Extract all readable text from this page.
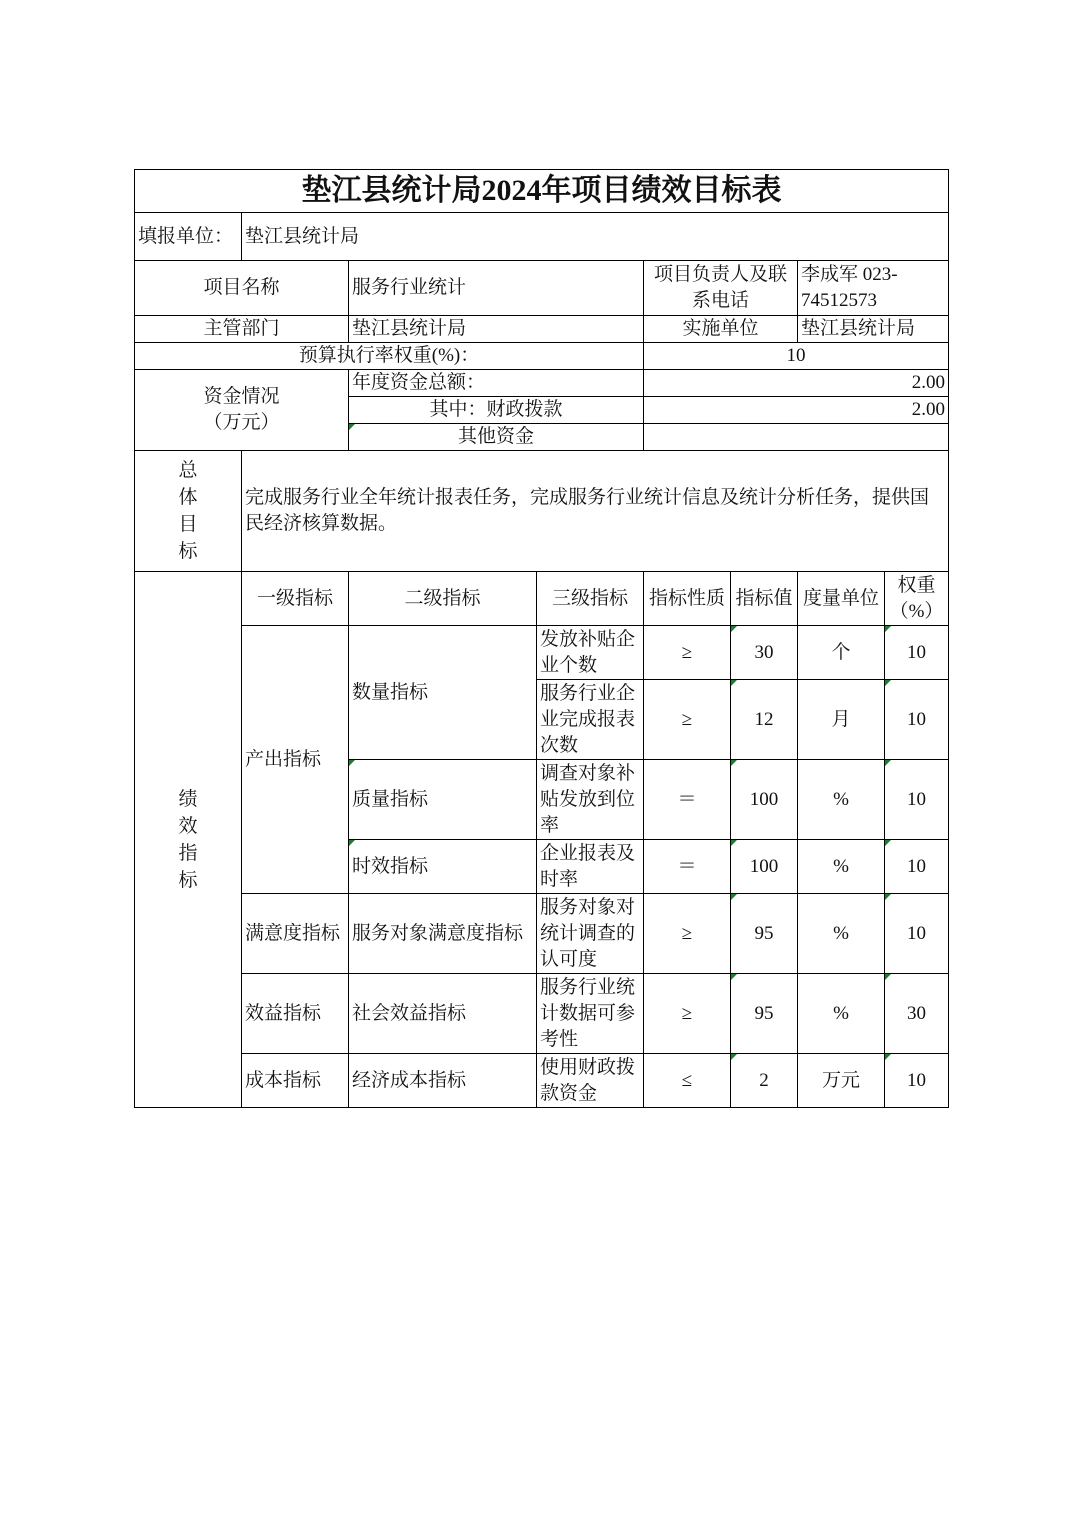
垫江县统计局2024年项目绩效目标表							
填报单位：	垫江县统计局						
项目名称		服务行业统计		项目负责人及联系电话		李成军 023-74512573	
主管部门		垫江县统计局		实施单位		垫江县统计局	
预算执行率权重(%)：				10			
资金情况（万元）		年度资金总额：		2.00			
		其中：财政拨款		2.00			
		其他资金					
总体目标	完成服务行业全年统计报表任务，完成服务行业统计信息及统计分析任务，提供国民经济核算数据。						
绩效指标	一级指标	二级指标	三级指标	指标性质	指标值	度量单位	权重（%）
	产出指标	数量指标	发放补贴企业个数	≥	30	个	10
			服务行业企业完成报表次数	≥	12	月	10
		质量指标	调查对象补贴发放到位率	＝	100	%	10
		时效指标	企业报表及时率	＝	100	%	10
	满意度指标	服务对象满意度指标	服务对象对统计调查的认可度	≥	95	%	10
	效益指标	社会效益指标	服务行业统计数据可参考性	≥	95	%	30
	成本指标	经济成本指标	使用财政拨款资金	≤	2	万元	10
